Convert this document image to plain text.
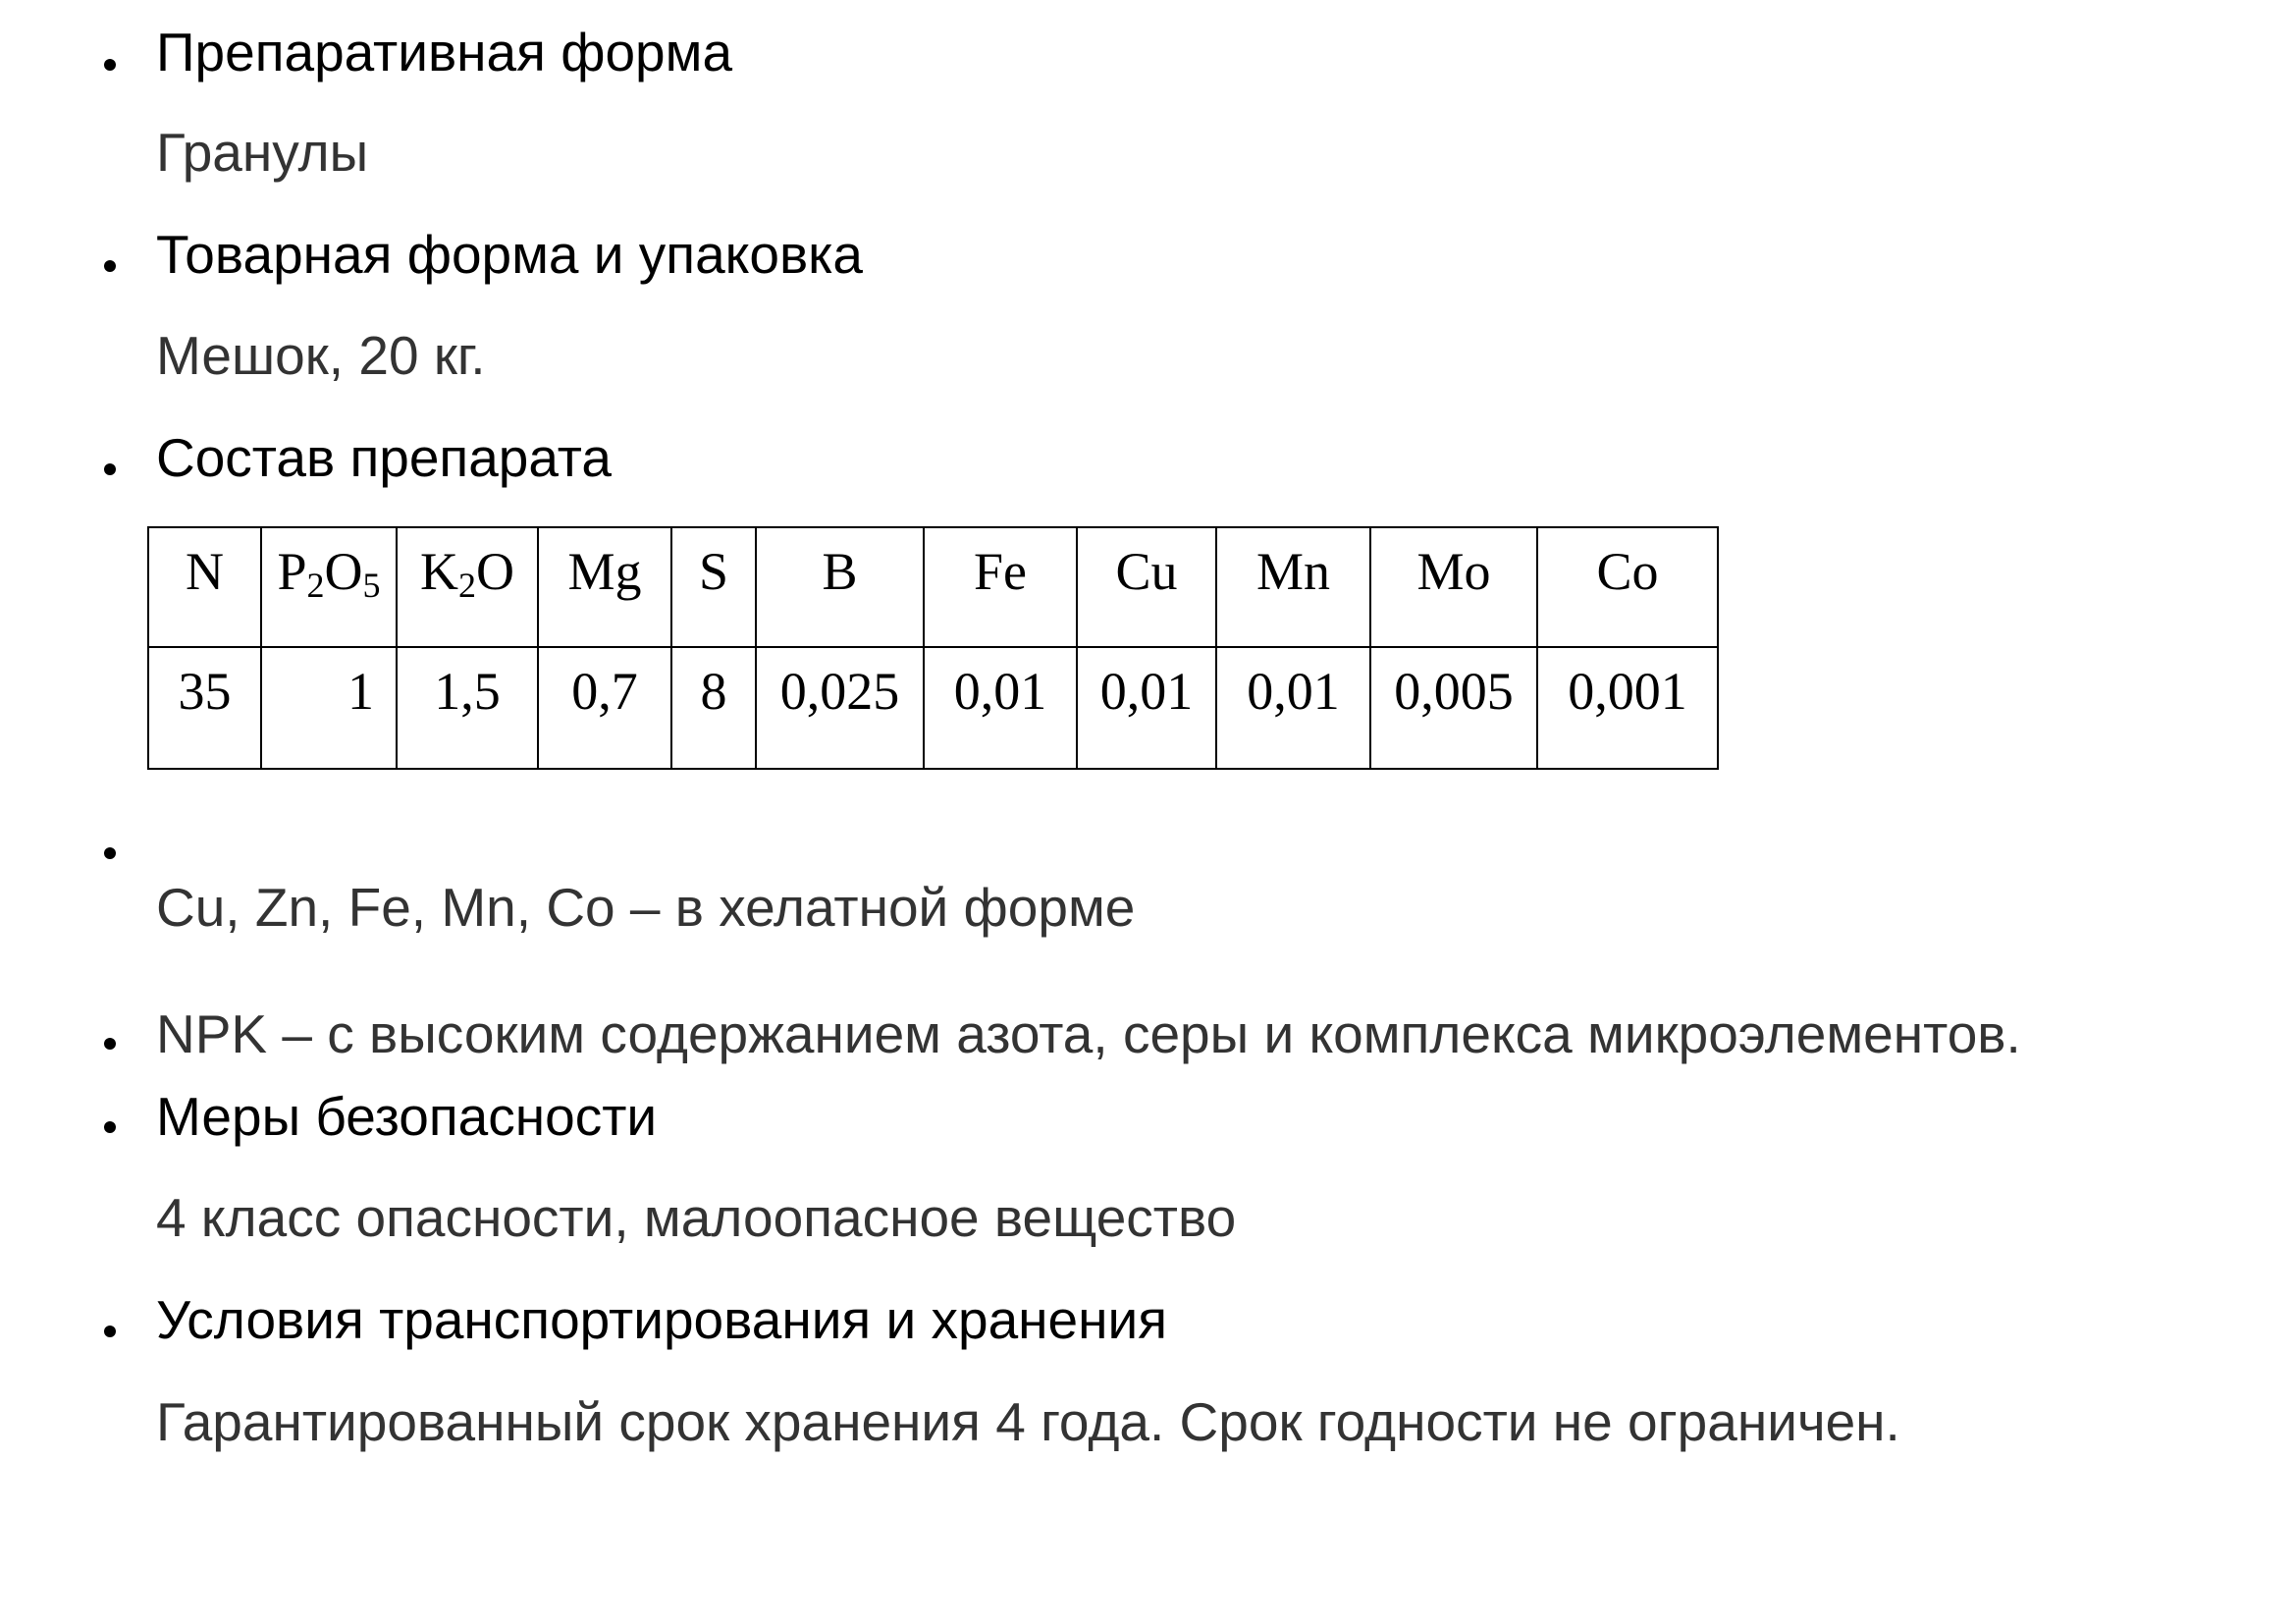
Препаративная форма
Гранулы
Товарная форма и упаковка
Мешок, 20 кг.
Состав препарата
N	$P_2O_5$	$K_2O$	Mg	S	B	Fe	Cu	Mn	Mo	Co

35	1	1,5	0,7	8	0,025	0,01	0,01	0,01	0,005	0,001
Cu, Zn, Fe, Mn, Co – в хелатной форме
NPK – с высоким содержанием азота, серы и комплекса микроэлементов.
Меры безопасности
4 класс опасности, малоопасное вещество
Условия транспортирования и хранения
Гарантированный срок хранения 4 года. Срок годности не ограничен.
